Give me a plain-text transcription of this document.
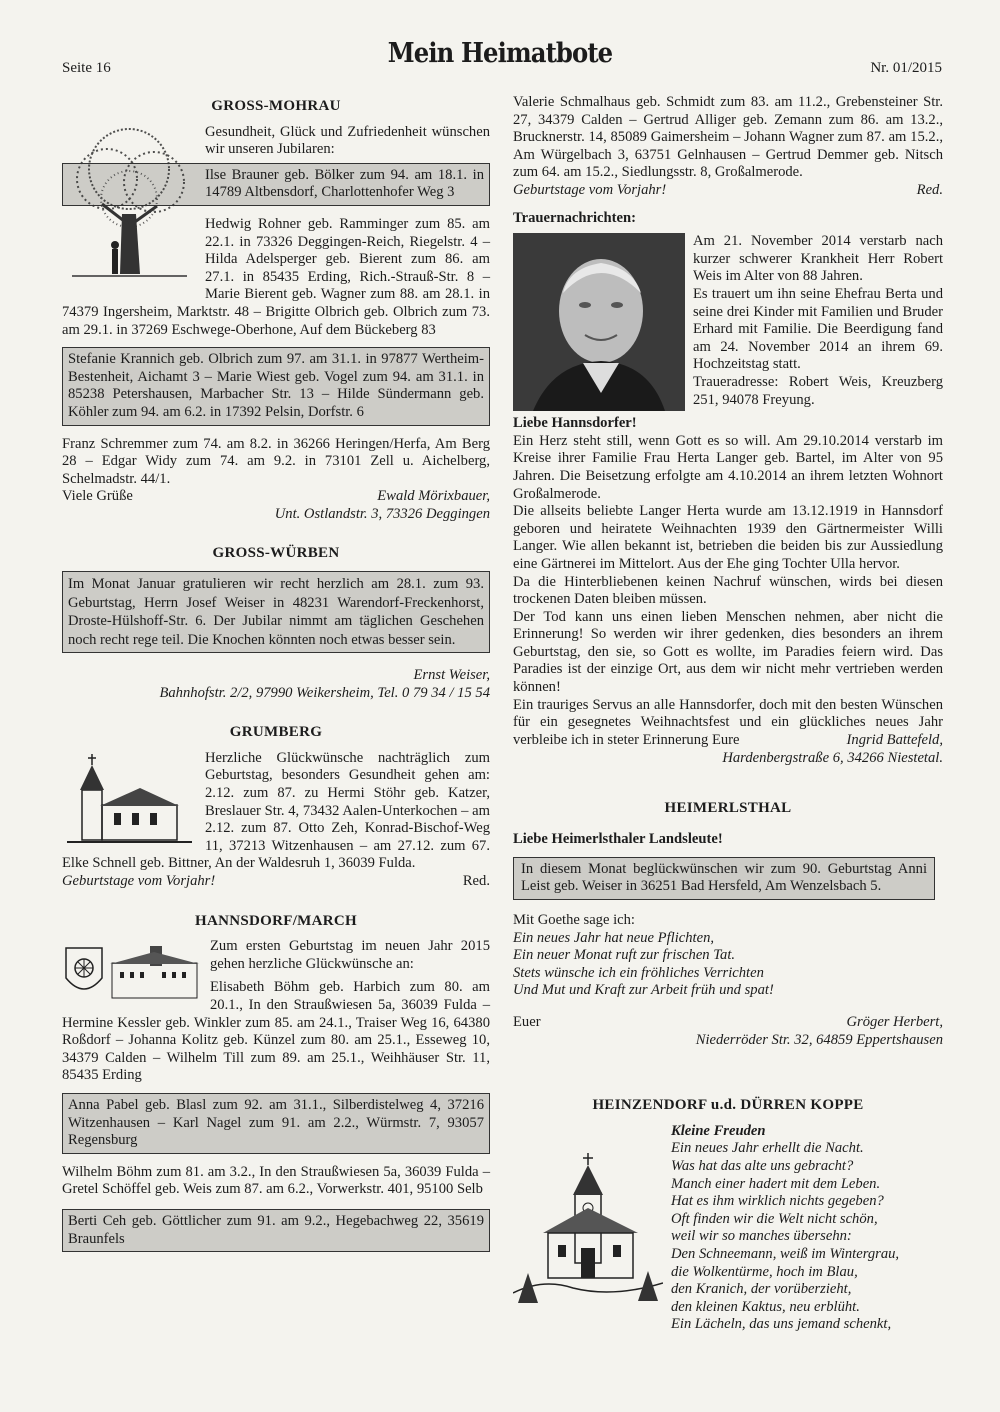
Seite 16	Mein Heimatbote	Nr. 01/2015
GROSS-MOHRAU

Gesundheit, Glück und Zufriedenheit wünschen wir unseren Jubilaren:

Ilse Brauner geb. Bölker zum 94. am 18.1. in 14789 Altbensdorf, Charlottenhofer Weg 3

Hedwig Rohner geb. Ramminger zum 85. am 22.1. in 73326 Deggingen-Reich, Riegelstr. 4 – Hilda Adelsperger geb. Bierent zum 86. am 27.1. in 85435 Erding, Rich.-Strauß-Str. 8 – Marie Bierent geb. Wagner zum 88. am 28.1. in 74379 Ingersheim, Marktstr. 48 – Brigitte Olbrich geb. Olbrich zum 73. am 29.1. in 37269 Eschwege-Oberhone, Auf dem Bückeberg 83

Stefanie Krannich geb. Olbrich zum 97. am 31.1. in 97877 Wertheim-Bestenheit, Aichamt 3 – Marie Wiest geb. Vogel zum 94. am 31.1. in 85238 Petershausen, Marbacher Str. 13 – Hilde Sündermann geb. Köhler zum 94. am 6.2. in 17392 Pelsin, Dorfstr. 6

Franz Schremmer zum 74. am 8.2. in 36266 Heringen/Herfa, Am Berg 28 – Edgar Widy zum 74. am 9.2. in 73101 Zell u. Aichelberg, Schelmadstr. 44/1.

Viele Grüße	Ewald Mörixbauer,

Unt. Ostlandstr. 3, 73326 Deggingen

GROSS-WÜRBEN
Im Monat Januar gratulieren wir recht herzlich am 28.1. zum 93. Geburtstag, Herrn Josef Weiser in 48231 Warendorf-Freckenhorst, Droste-Hülshoff-Str. 6. Der Jubilar nimmt am täglichen Geschehen noch recht rege teil. Die Knochen könnten noch etwas besser sein.

Ernst Weiser,

Bahnhofstr. 2/2, 97990 Weikersheim, Tel. 0 79 34 / 15 54

GRUMBERG

Herzliche Glückwünsche nachträglich zum Geburtstag, besonders Gesundheit gehen am: 2.12. zum 87. zu Hermi Stöhr geb. Katzer, Breslauer Str. 4, 73432 Aalen-Unterkochen – am 2.12. zum 87. Otto Zeh, Konrad-Bischof-Weg 11, 37213 Witzenhausen – am 27.12. zum 67. Elke Schnell geb. Bittner, An der Waldesruh 1, 36039 Fulda.

Geburtstage vom Vorjahr!	Red.
HANNSDORF/MARCH

Zum ersten Geburtstag im neuen Jahr 2015 gehen herzliche Glückwünsche an:

Elisabeth Böhm geb. Harbich zum 80. am 20.1., In den Straußwiesen 5a, 36039 Fulda – Hermine Kessler geb. Winkler zum 85. am 24.1., Traiser Weg 16, 64380 Roßdorf – Johanna Kolitz geb. Künzel zum 80. am 25.1., Esseweg 10, 34379 Calden – Wilhelm Till zum 89. am 25.1., Weihhäuser Str. 11, 85435 Erding

Anna Pabel geb. Blasl zum 92. am 31.1., Silberdistelweg 4, 37216 Witzenhausen – Karl Nagel zum 91. am 2.2., Würmstr. 7, 93057 Regensburg

Wilhelm Böhm zum 81. am 3.2., In den Straußwiesen 5a, 36039 Fulda – Gretel Schöffel geb. Weis zum 87. am 6.2., Vorwerkstr. 401, 95100 Selb

Berti Ceh geb. Göttlicher zum 91. am 9.2., Hegebachweg 22, 35619 Braunfels

Valerie Schmalhaus geb. Schmidt zum 83. am 11.2., Grebensteiner Str. 27, 34379 Calden – Gertrud Alliger geb. Zemann zum 86. am 13.2., Brucknerstr. 14, 85089 Gaimersheim – Johann Wagner zum 87. am 15.2., Am Würgelbach 3, 63751 Gelnhausen – Gertrud Demmer geb. Nitsch zum 64. am 15.2., Siedlungsstr. 8, Großalmerode.

Geburtstage vom Vorjahr!	Red.

Trauernachrichten:

Am 21. November 2014 verstarb nach kurzer schwerer Krankheit Herr Robert Weis im Alter von 88 Jahren.

Es trauert um ihn seine Ehefrau Berta und seine drei Kinder mit Familien und Bruder Erhard mit Familie. Die Beerdigung fand am 24. November 2014 an ihrem 69. Hochzeitstag statt.

Traueradresse: Robert Weis, Kreuzberg 251, 94078 Freyung.

Liebe Hannsdorfer!

Ein Herz steht still, wenn Gott es so will. Am 29.10.2014 verstarb im Kreise ihrer Familie Frau Herta Langer geb. Bartel, im Alter von 95 Jahren. Die Beisetzung erfolgte am 4.10.2014 an ihrem letzten Wohnort Großalmerode.

Die allseits beliebte Langer Herta wurde am 13.12.1919 in Hannsdorf geboren und heiratete Weihnachten 1939 den Gärtnermeister Willi Langer. Wie allen bekannt ist, betrieben die beiden bis zur Aussiedlung eine Gärtnerei im Mittelort. Aus der Ehe ging Tochter Ulla hervor.

Da die Hinterbliebenen keinen Nachruf wünschen, wirds bei diesen trockenen Daten bleiben müssen.

Der Tod kann uns einen lieben Menschen nehmen, aber nicht die Erinnerung! So werden wir ihrer gedenken, dies besonders an ihrem Geburtstag, den sie, so Gott es wollte, im Paradies feiern wird. Das Paradies ist der einzige Ort, aus dem wir nicht mehr vertrieben werden können!

Ein trauriges Servus an alle Hannsdorfer, doch mit den besten Wünschen für ein gesegnetes Weihnachtsfest und ein glückliches neues Jahr verbleibe ich in steter Erinnerung Eure	Ingrid Battefeld,

Hardenbergstraße 6, 34266 Niestetal.

HEIMERLSTHAL

Liebe Heimerlsthaler Landsleute!

In diesem Monat beglückwünschen wir zum 90. Geburtstag Anni Leist geb. Weiser in 36251 Bad Hersfeld, Am Wenzelsbach 5.

Mit Goethe sage ich:

Ein neues Jahr hat neue Pflichten,

Ein neuer Monat ruft zur frischen Tat.

Stets wünsche ich ein fröhliches Verrichten

Und Mut und Kraft zur Arbeit früh und spat!

Euer	Gröger Herbert,

Niederröder Str. 32, 64859 Eppertshausen

HEINZENDORF u.d. DÜRREN KOPPE

Kleine Freuden

Ein neues Jahr erhellt die Nacht.

Was hat das alte uns gebracht?

Manch einer hadert mit dem Leben.

Hat es ihm wirklich nichts gegeben?

Oft finden wir die Welt nicht schön,

weil wir so manches übersehn:

Den Schneemann, weiß im Wintergrau,

die Wolkentürme, hoch im Blau,

den Kranich, der vorüberzieht,

den kleinen Kaktus, neu erblüht.

Ein Lächeln, das uns jemand schenkt,
